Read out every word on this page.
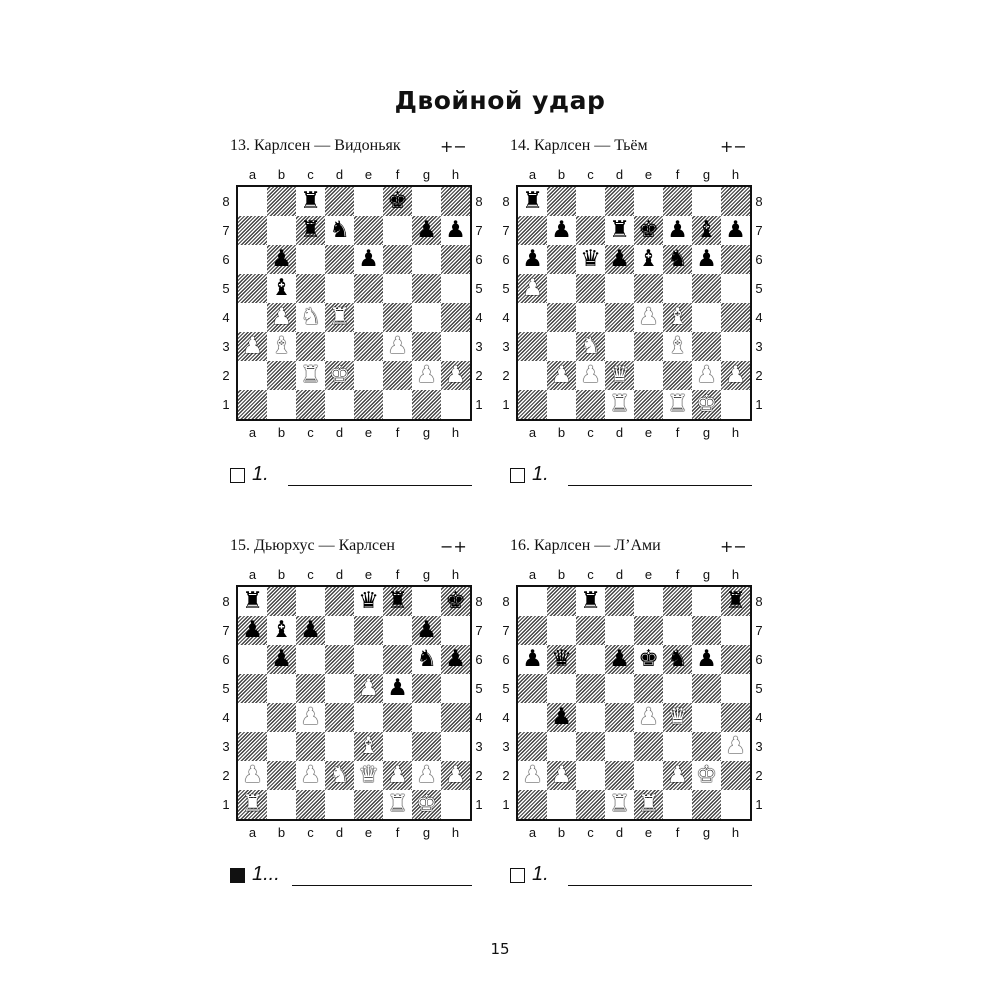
Двойной удар
13. Карлсен — Видоньяк +−
a
a
b
b
c
c
d
d
e
e
f
f
g
g
h
h
8	8
7	7
6	6
5	5
4	4
3	3
2	2
1	1
♜	♚
♜ ♞	♟ ♟
♟	♟
♝
♟ ♞ ♜
♟ ♝	♟
♜ ♚	♟ ♟
1.
14. Карлсен — Тьём	+−
a
a
b
b
c
c
d
d
e
e
f
f
g
g
h
h
8	8
7	7
6	6
5	5
4	4
3	3
2	2
1	1
♜
♟ ♜ ♚ ♟ ♝ ♟
♟ ♛ ♟ ♝ ♞ ♟
♟
♟ ♝
♞	♝
♟ ♟ ♛	♟ ♟
♜ ♜ ♚
1.
15. Дьюрхус — Карлсен	−+
a
a
b
b
c
c
d
d
e
e
f
f
g
g
h
h
8	8
7	7
6	6
5	5
4	4
3	3
2	2
1	1
♜	♛ ♜ ♚
♟ ♝ ♟	♟
♟	♞ ♟
♟ ♟
♟
♝
♟ ♟ ♞ ♛ ♟ ♟ ♟
♜	♜ ♚
1...
16. Карлсен — Л’Ами	+−
a
a
b
b
c
c
d
d
e
e
f
f
g
g
h
h
8	8
7	7
6	6
5	5
4	4
3	3
2	2
1	1
♜	♜
♟ ♛ ♟ ♚ ♞ ♟
♟	♟ ♛
♟
♟ ♟	♟ ♚
♜ ♜
1.
15
